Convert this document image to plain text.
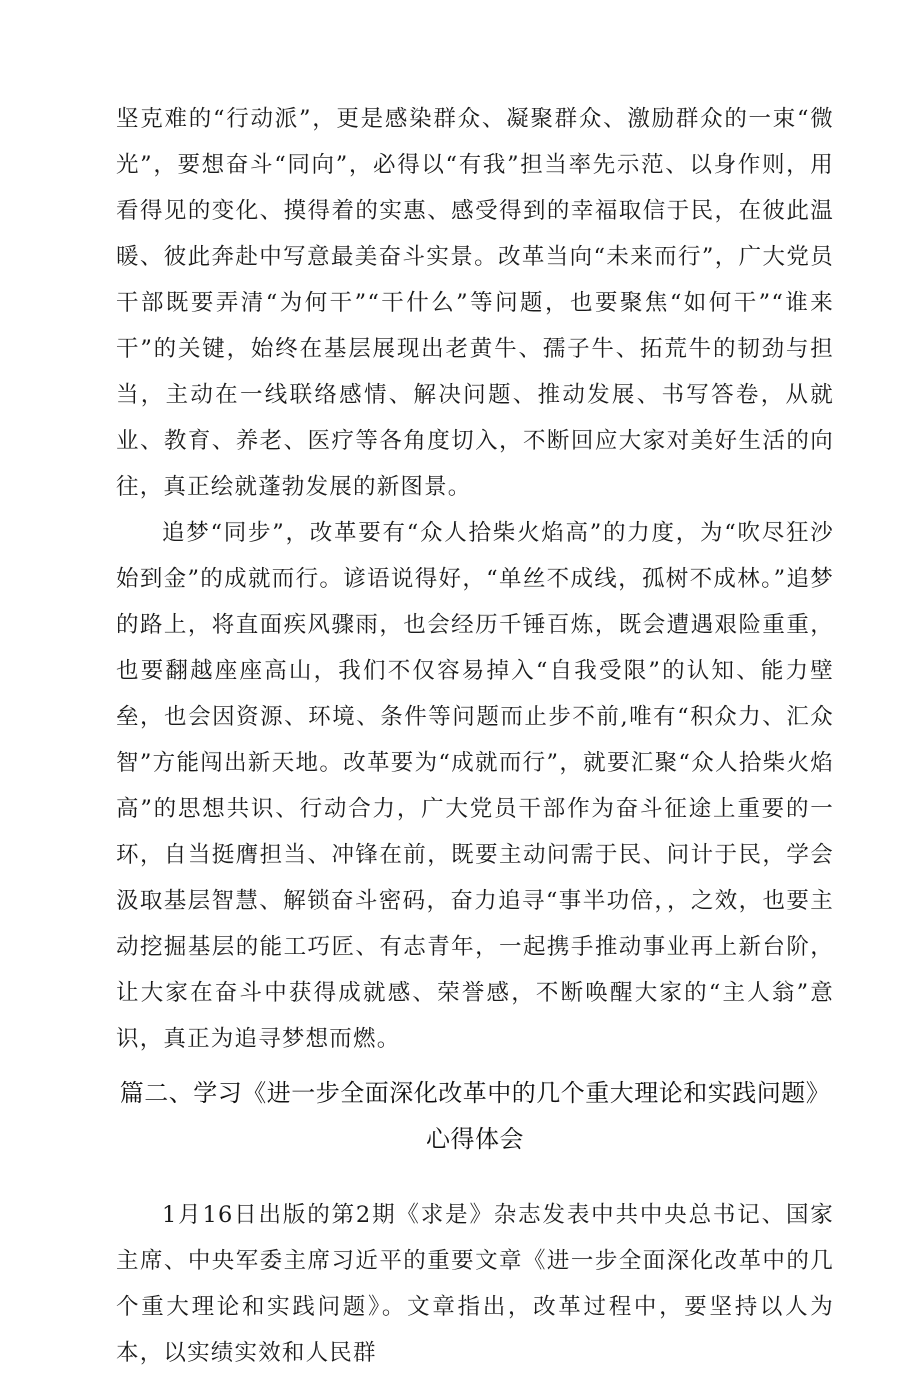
坚克难的“行动派”，更是感染群众、凝聚群众、激励群众的一束“微光”，要想奋斗“同向”，必得以“有我”担当率先示范、以身作则，用看得见的变化、摸得着的实惠、感受得到的幸福取信于民，在彼此温暖、彼此奔赴中写意最美奋斗实景。改革当向“未来而行”，广大党员干部既要弄清“为何干”“干什么”等问题，也要聚焦“如何干”“谁来干”的关键，始终在基层展现出老黄牛、孺子牛、拓荒牛的韧劲与担当，主动在一线联络感情、解决问题、推动发展、书写答卷，从就业、教育、养老、医疗等各角度切入，不断回应大家对美好生活的向往，真正绘就蓬勃发展的新图景。

追梦“同步”，改革要有“众人拾柴火焰高”的力度，为“吹尽狂沙始到金”的成就而行。谚语说得好，“单丝不成线，孤树不成林。”追梦的路上，将直面疾风骤雨，也会经历千锤百炼，既会遭遇艰险重重，也要翻越座座高山，我们不仅容易掉入“自我受限”的认知、能力壁垒，也会因资源、环境、条件等问题而止步不前,唯有“积众力、汇众智”方能闯出新天地。改革要为“成就而行”，就要汇聚“众人拾柴火焰高”的思想共识、行动合力，广大党员干部作为奋斗征途上重要的一环，自当挺膺担当、冲锋在前，既要主动问需于民、问计于民，学会汲取基层智慧、解锁奋斗密码，奋力追寻“事半功倍，，之效，也要主动挖掘基层的能工巧匠、有志青年，一起携手推动事业再上新台阶，让大家在奋斗中获得成就感、荣誉感，不断唤醒大家的“主人翁”意识，真正为追寻梦想而燃。

篇二、学习《进一步全面深化改革中的几个重大理论和实践问题》
心得体会

1月16日出版的第2期《求是》杂志发表中共中央总书记、国家主席、中央军委主席习近平的重要文章《进一步全面深化改革中的几个重大理论和实践问题》。文章指出，改革过程中，要坚持以人为本，以实绩实效和人民群
